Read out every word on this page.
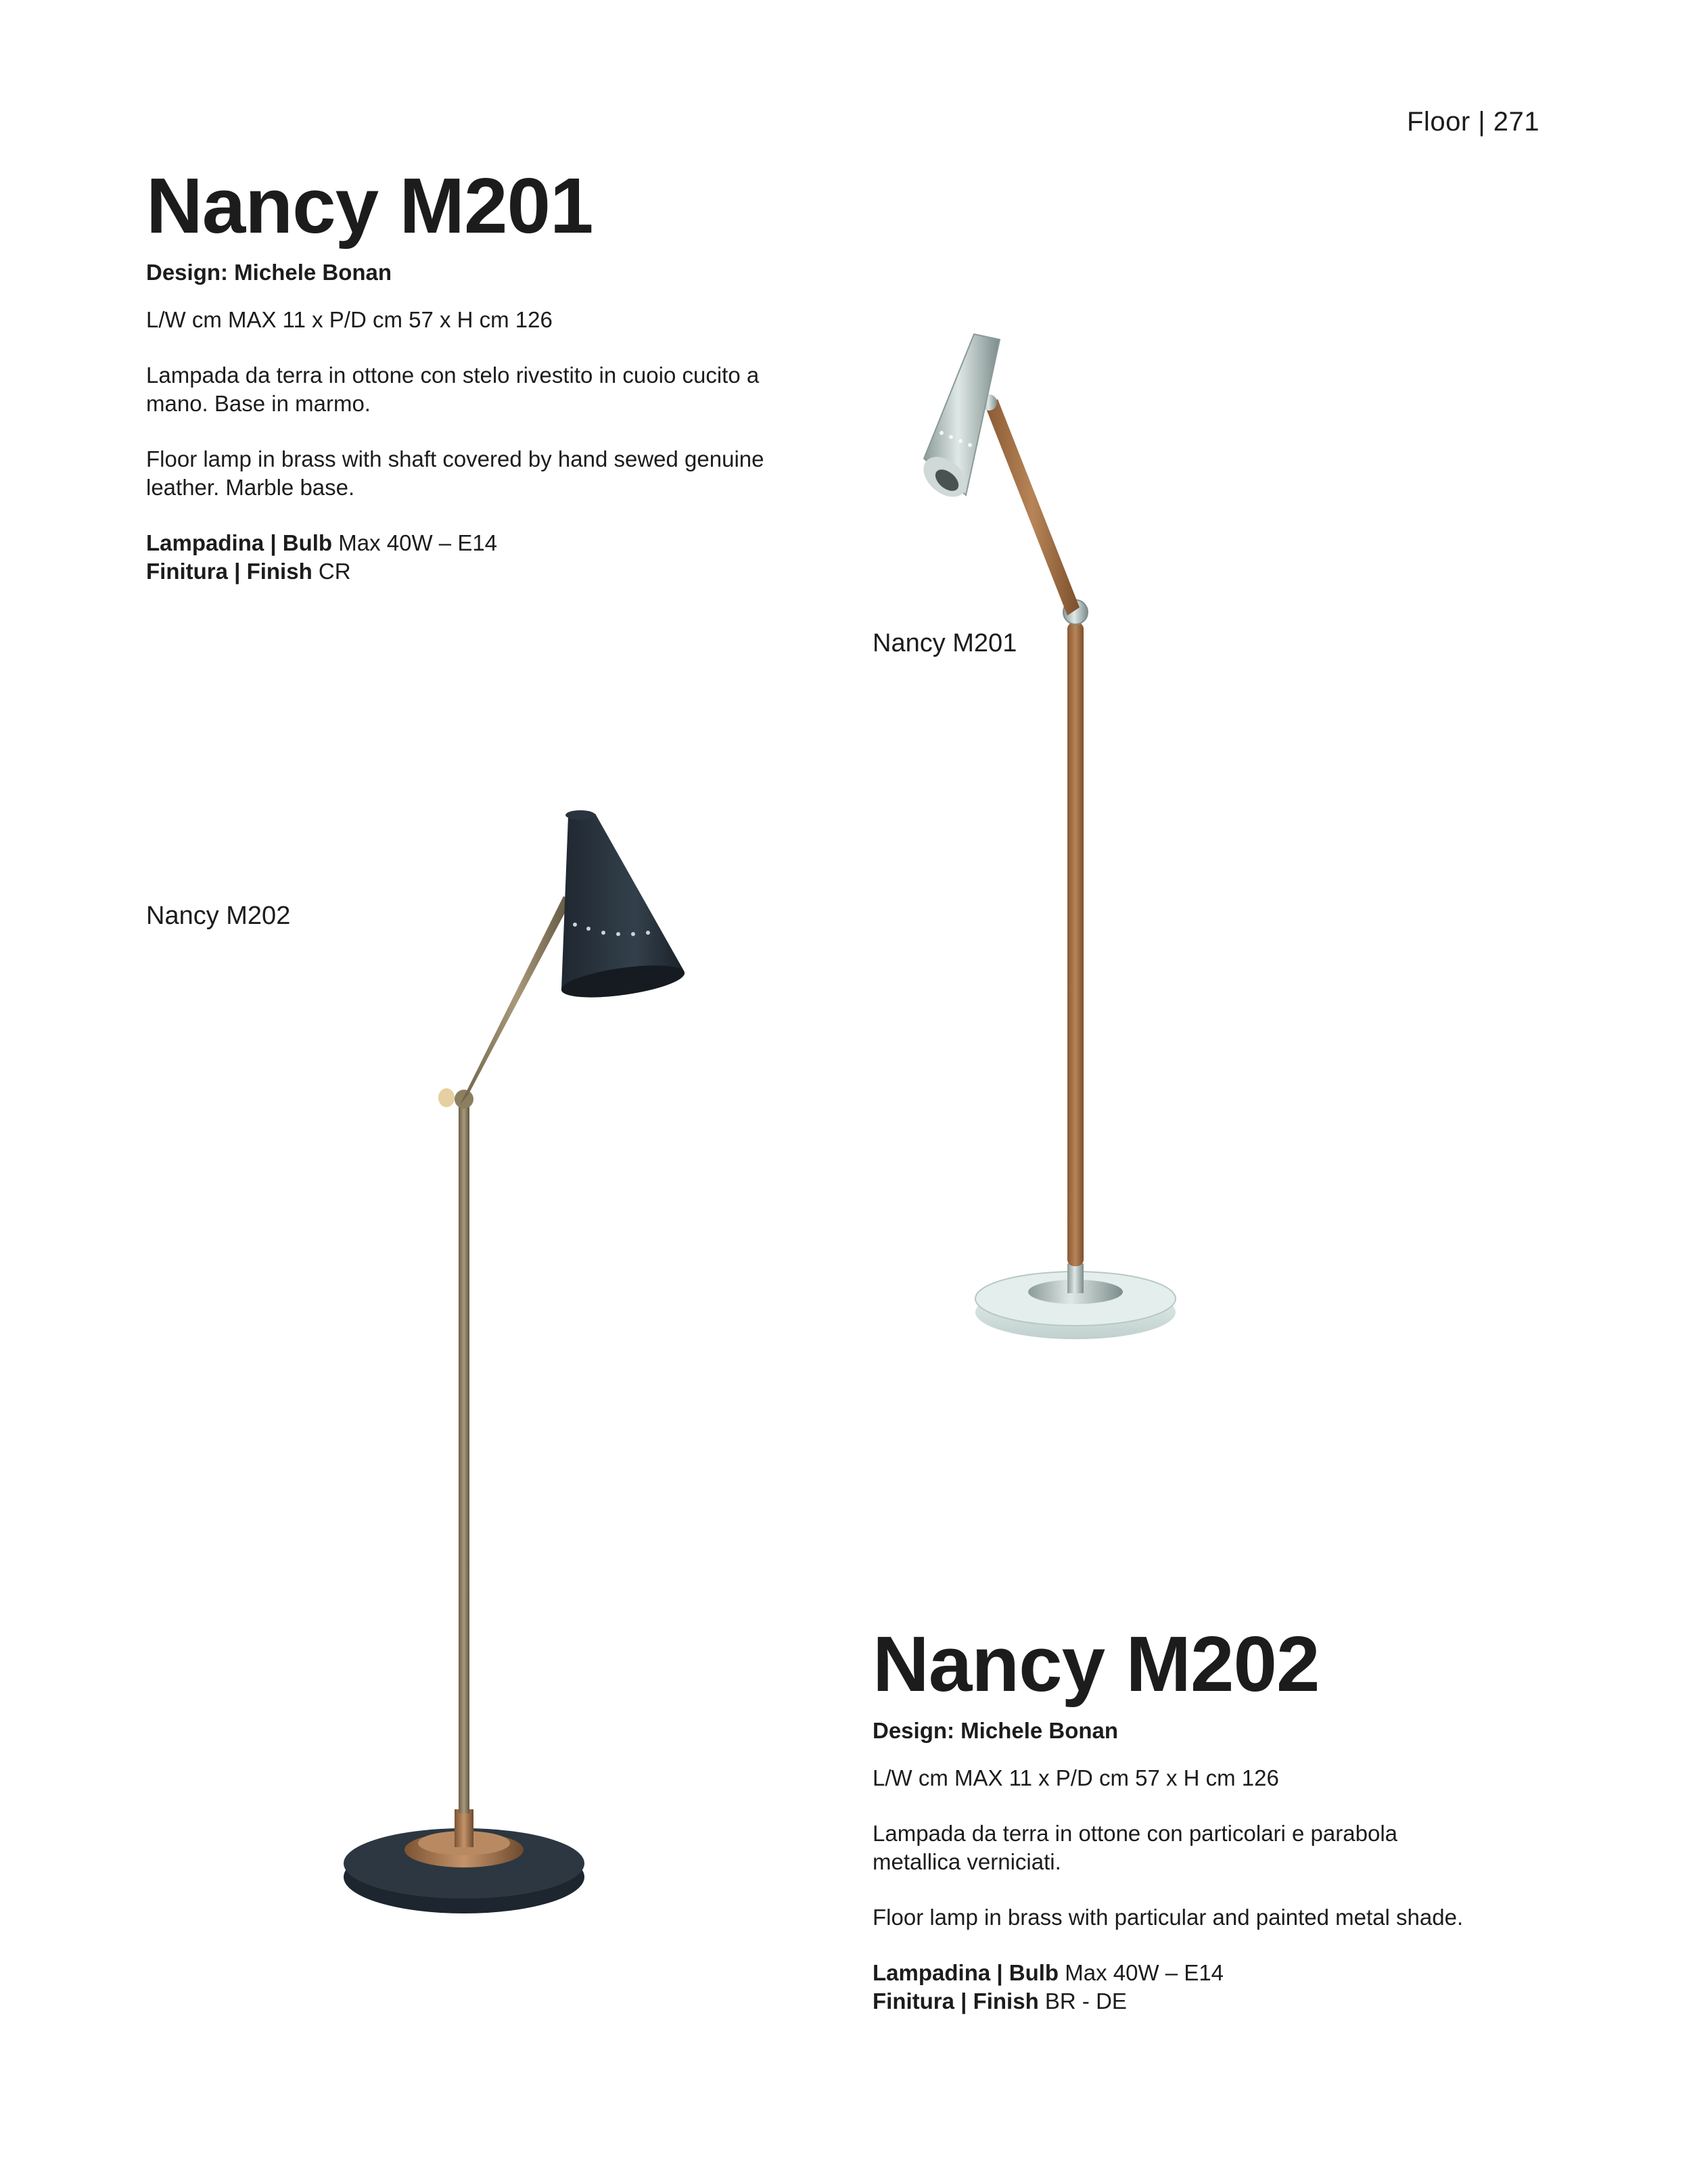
Floor | 271
Nancy M201

Design: Michele Bonan

L/W cm MAX 11 x P/D cm 57 x H cm 126

Lampada da terra in ottone con stelo rivestito in cuoio cucito a mano. Base in marmo.

Floor lamp in brass with shaft covered by hand sewed genuine leather. Marble base.

Lampadina | Bulb Max 40W – E14
Finitura | Finish CR
Nancy M201
Nancy M202
Nancy M202

Design: Michele Bonan

L/W cm MAX 11 x P/D cm 57 x H cm 126

Lampada da terra in ottone con particolari e parabola metallica verniciati.

Floor lamp in brass with particular and painted metal shade.

Lampadina | Bulb Max 40W – E14
Finitura | Finish BR - DE
